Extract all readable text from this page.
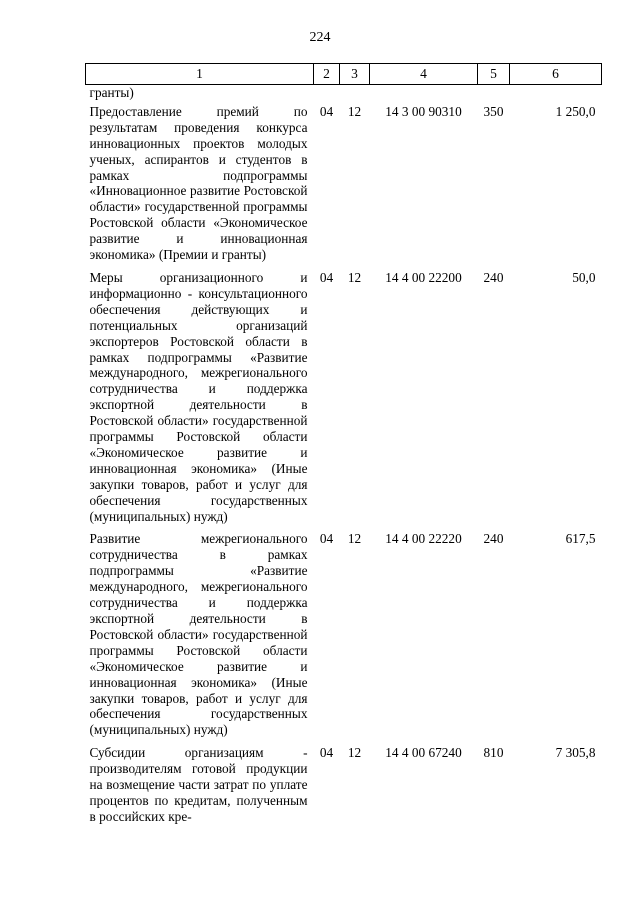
224
1	2	3	4	5	6
гранты)					
Предоставление премий по результатам проведения конкурса инновационных проектов молодых ученых, аспирантов и студентов в рамках подпрограммы «Инновационное развитие Ростовской области» государственной программы Ростовской области «Экономическое развитие и инновационная экономика» (Премии и гранты)	04	12	14 3 00 90310	350	1 250,0
Меры организационного и информационно - консультационного обеспечения действующих и потенциальных организаций экспортеров Ростовской области в рамках подпрограммы «Развитие международного, межрегионального сотрудничества и поддержка экспортной деятельности в Ростовской области» государственной программы Ростовской области «Экономическое развитие и инновационная экономика» (Иные закупки товаров, работ и услуг для обеспечения государственных (муниципальных) нужд)	04	12	14 4 00 22200	240	50,0
Развитие межрегионального сотрудничества в рамках подпрограммы «Развитие международного, межрегионального сотрудничества и поддержка экспортной деятельности в Ростовской области» государственной программы Ростовской области «Экономическое развитие и инновационная экономика» (Иные закупки товаров, работ и услуг для обеспечения государственных (муниципальных) нужд)	04	12	14 4 00 22220	240	617,5
Субсидии организациям - производителям готовой продукции на возмещение части затрат по уплате процентов по кредитам, полученным в российских кре-	04	12	14 4 00 67240	810	7 305,8
